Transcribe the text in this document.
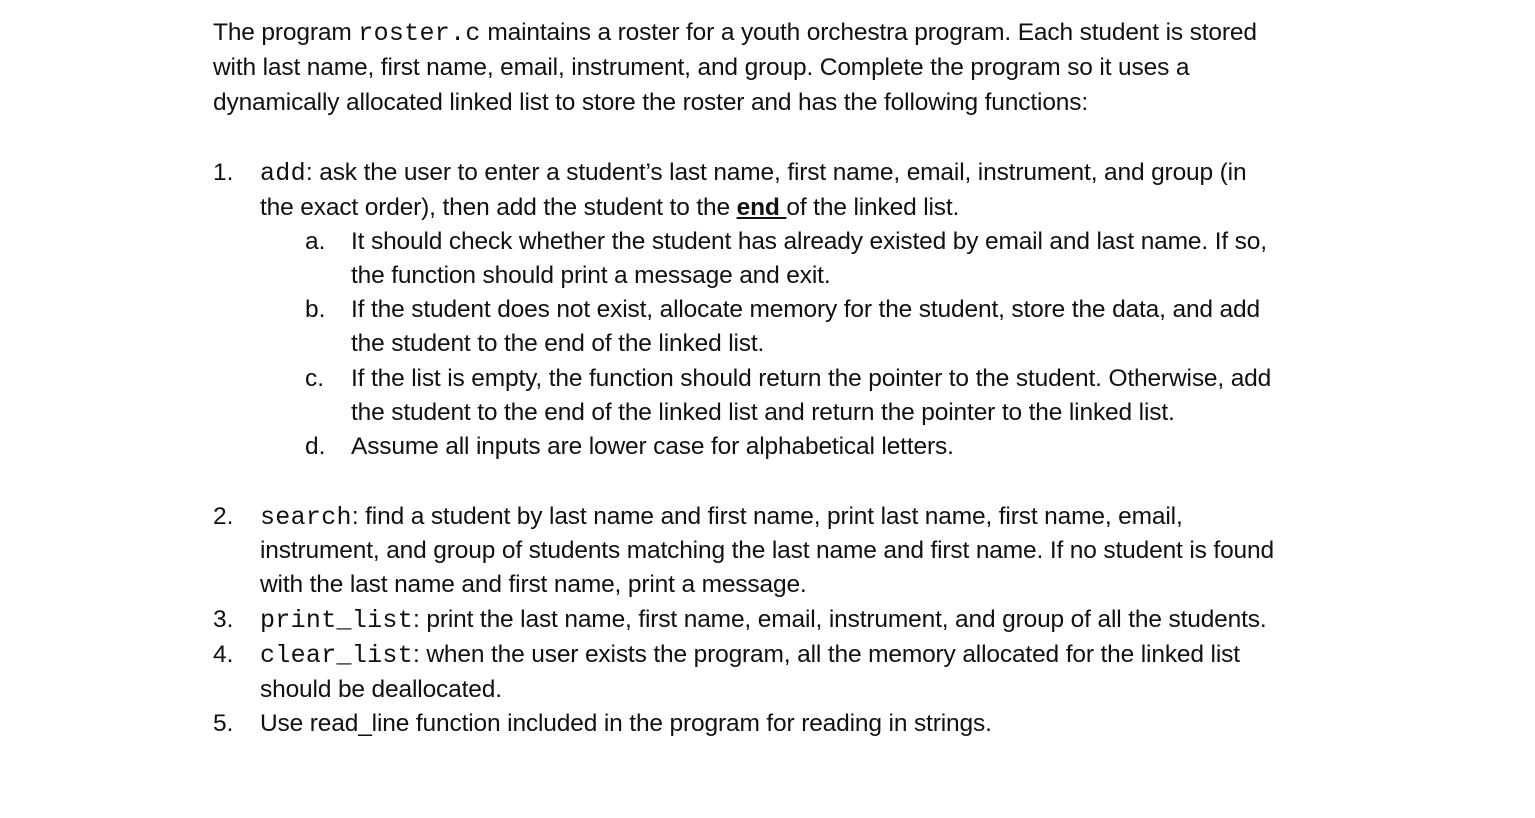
The program roster.c maintains a roster for a youth orchestra program. Each student is stored
with last name, first name, email, instrument, and group. Complete the program so it uses a
dynamically allocated linked list to store the roster and has the following functions:
1. add: ask the user to enter a student’s last name, first name, email, instrument, and group (in
the exact order), then add the student to the end of the linked list.
a. It should check whether the student has already existed by email and last name. If so,
the function should print a message and exit.
b. If the student does not exist, allocate memory for the student, store the data, and add
the student to the end of the linked list.
c. If the list is empty, the function should return the pointer to the student. Otherwise, add
the student to the end of the linked list and return the pointer to the linked list.
d. Assume all inputs are lower case for alphabetical letters.
2. search: find a student by last name and first name, print last name, first name, email,
instrument, and group of students matching the last name and first name. If no student is found
with the last name and first name, print a message.
3. print_list: print the last name, first name, email, instrument, and group of all the students.
4. clear_list: when the user exists the program, all the memory allocated for the linked list
should be deallocated.
5. Use read_line function included in the program for reading in strings.
